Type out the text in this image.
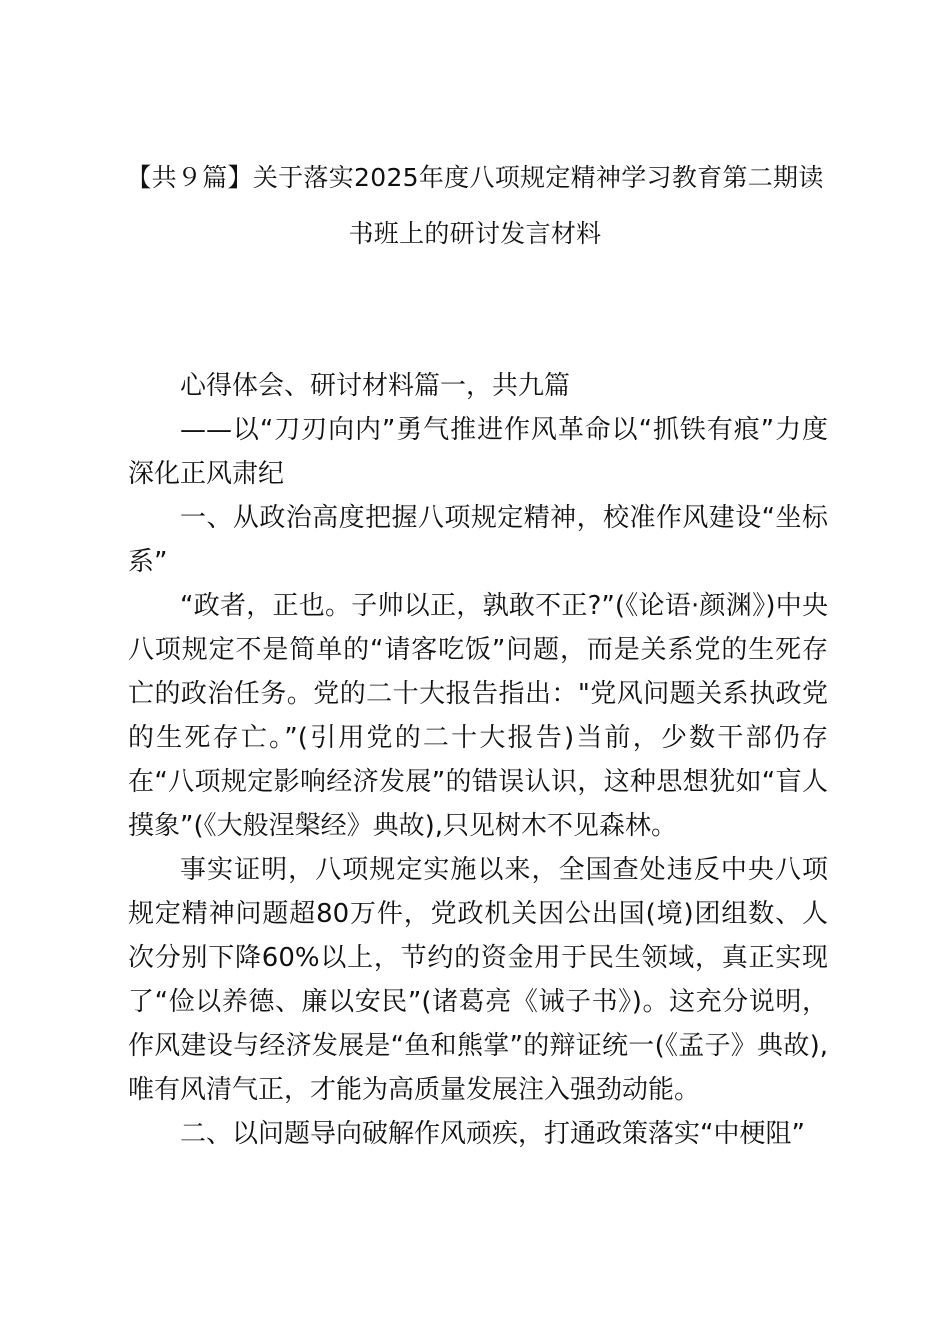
【共９篇】关于落实2025年度八项规定精神学习教育第二期读书班上的研讨发言材料

心得体会、研讨材料篇一，共九篇

——以“刀刃向内”勇气推进作风革命以“抓铁有痕”力度深化正风肃纪

一、从政治高度把握八项规定精神，校准作风建设“坐标系”

“政者，正也。子帅以正，孰敢不正?”(《论语·颜渊》)中央八项规定不是简单的“请客吃饭”问题，而是关系党的生死存亡的政治任务。党的二十大报告指出："党风问题关系执政党的生死存亡。”(引用党的二十大报告)当前，少数干部仍存在“八项规定影响经济发展”的错误认识，这种思想犹如“盲人摸象”(《大般涅槃经》典故),只见树木不见森林。

事实证明，八项规定实施以来，全国查处违反中央八项规定精神问题超80万件，党政机关因公出国(境)团组数、人次分别下降60%以上，节约的资金用于民生领域，真正实现了“俭以养德、廉以安民”(诸葛亮《诫子书》)。这充分说明，作风建设与经济发展是“鱼和熊掌”的辩证统一(《孟子》典故),唯有风清气正，才能为高质量发展注入强劲动能。

二、以问题导向破解作风顽疾，打通政策落实“中梗阻”
